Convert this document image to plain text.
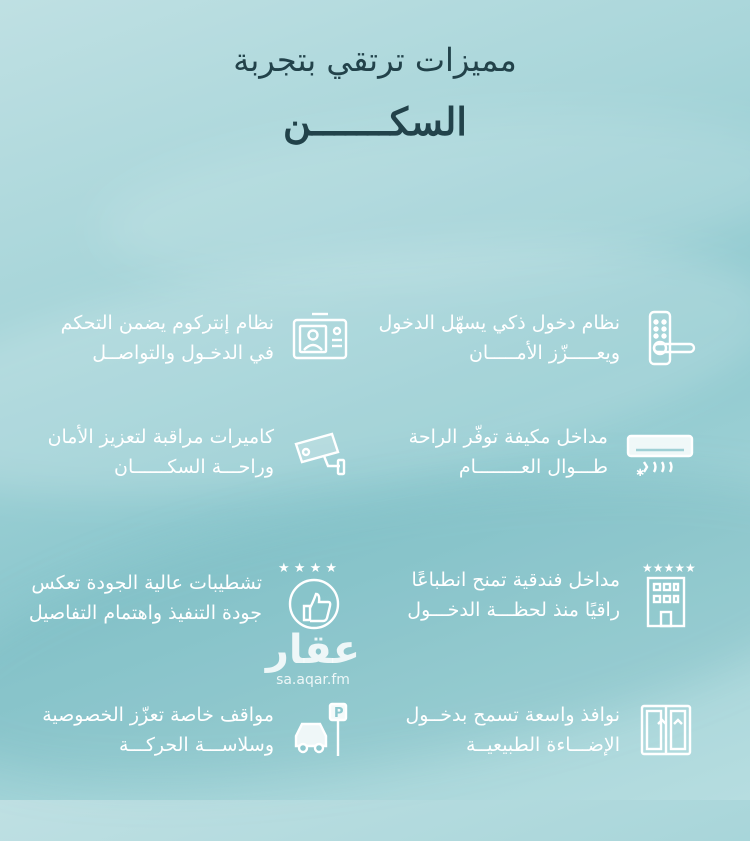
مميزات ترتقي بتجربة
السكـــــــن
نظام دخول ذكي يسهّل الدخول
ويعـــــزّز الأمـــــان
نظام إنتركوم يضمن التحكم
في الدخـول والتواصــل
✱
مداخل مكيفة توفّر الراحة
طـــوال العــــــــام
كاميرات مراقبة لتعزيز الأمان
وراحـــة السكــــــان
★★★★★
مداخل فندقية تمنح انطباعًا
راقيًا منذ لحظـــة الدخـــول
★ ★ ★ ★
تشطيبات عالية الجودة تعكس
جودة التنفيذ واهتمام التفاصيل
نوافذ واسعة تسمح بدخــول
الإضـــاءة الطبيعيــة
P
مواقف خاصة تعزّز الخصوصية
وسلاســـة الحركـــة
عقار
sa.aqar.fm
